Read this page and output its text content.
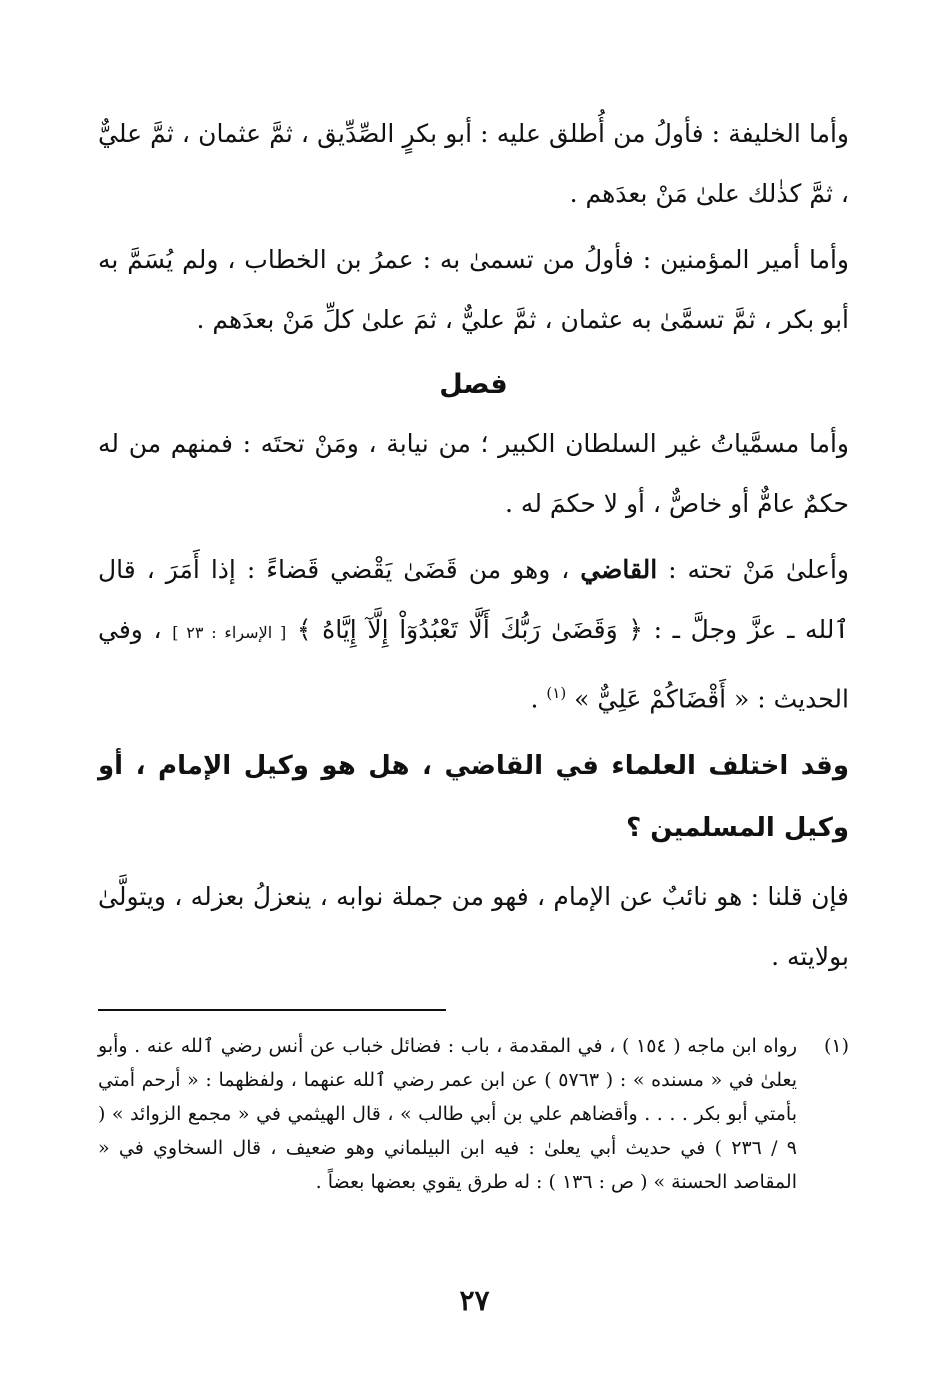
وأما الخليفة : فأولُ من أُطلق عليه : أبو بكرٍ الصِّدِّيق ، ثمَّ عثمان ، ثمَّ عليٌّ ، ثمَّ كذٰلك علىٰ مَنْ بعدَهم .

وأما أمير المؤمنين : فأولُ من تسمىٰ به : عمرُ بن الخطاب ، ولم يُسَمَّ به أبو بكر ، ثمَّ تسمَّىٰ به عثمان ، ثمَّ عليٌّ ، ثمَ علىٰ كلِّ مَنْ بعدَهم .

فصل

وأما مسمَّياتُ غير السلطان الكبير ؛ من نيابة ، ومَنْ تحتَه : فمنهم من له حكمٌ عامٌّ أو خاصٌّ ، أو لا حكمَ له .

وأعلىٰ مَنْ تحته : القاضي ، وهو من قَضَىٰ يَقْضي قَضاءً : إذا أَمَرَ ، قال ٱلله ـ عزَّ وجلَّ ـ : ﴿ وَقَضَىٰ رَبُّكَ أَلَّا تَعْبُدُوٓاْ إِلَّآ إِيَّاهُ ﴾ [ الإسراء : ٢٣ ] ، وفي الحديث : « أَقْضَاكُمْ عَلِيٌّ » $^{(١)}$ .

وقد اختلف العلماء في القاضي ، هل هو وكيل الإمام ، أو وكيل المسلمين ؟

فإن قلنا : هو نائبٌ عن الإمام ، فهو من جملة نوابه ، ينعزلُ بعزله ، ويتولَّىٰ بولايته .

(١)
رواه ابن ماجه ( ١٥٤ ) ، في المقدمة ، باب : فضائل خباب عن أنس رضي ٱلله عنه . وأبو يعلىٰ في « مسنده » : ( ٥٧٦٣ ) عن ابن عمر رضي ٱلله عنهما ، ولفظهما : « أرحم أمتي بأمتي أبو بكر . . . . وأقضاهم علي بن أبي طالب » ، قال الهيثمي في « مجمع الزوائد » ( ٩ / ٢٣٦ ) في حديث أبي يعلىٰ : فيه ابن البيلماني وهو ضعيف ، قال السخاوي في « المقاصد الحسنة » ( ص : ١٣٦ ) : له طرق يقوي بعضها بعضاً .
٢٧
